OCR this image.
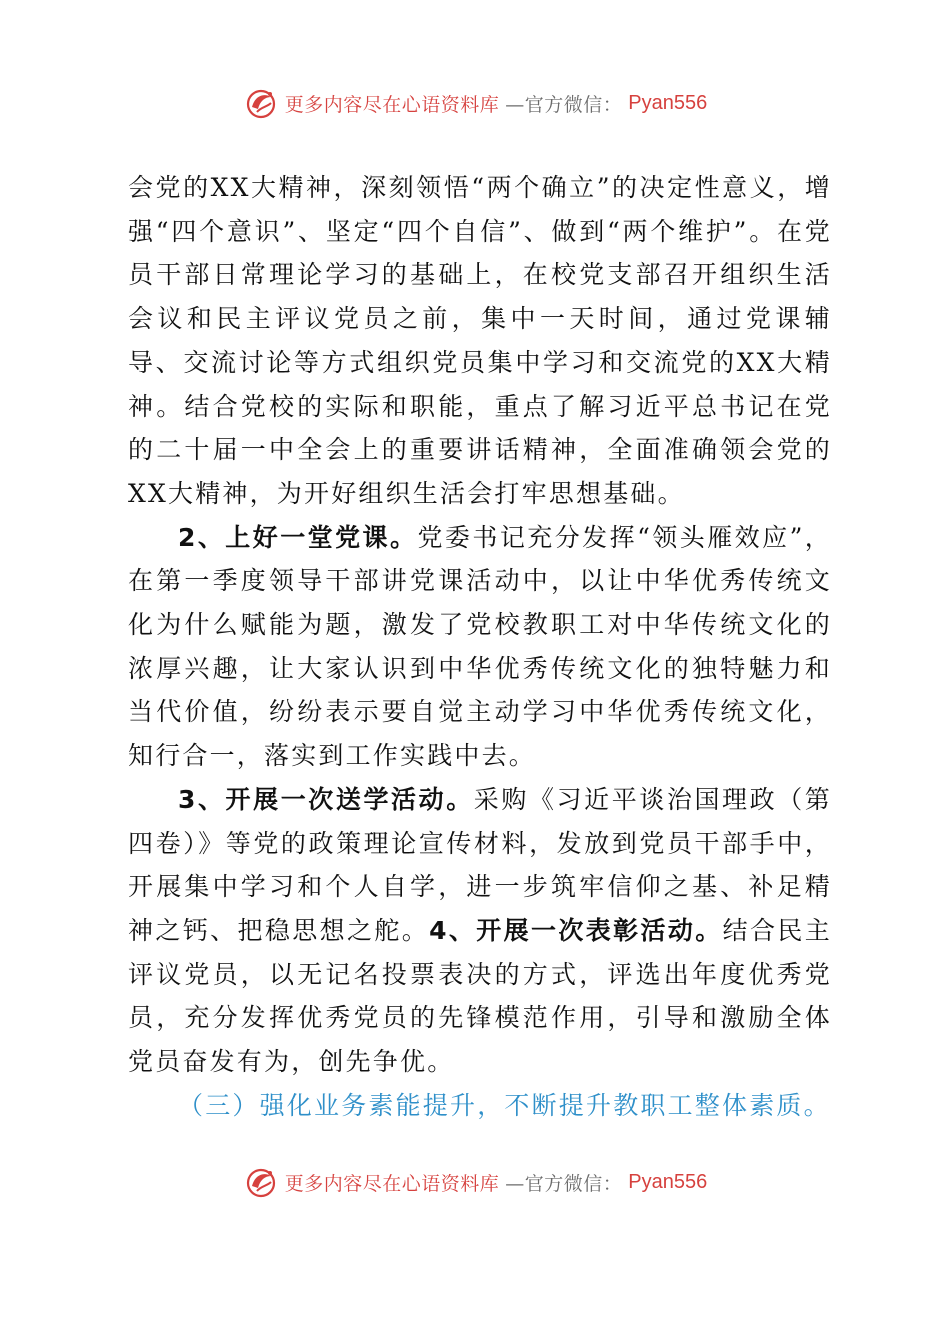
更多内容尽在心语资料库 —官方微信： Pyan556

会党的XX大精神，深刻领悟“两个确立”的决定性意义，增强“四个意识”、坚定“四个自信”、做到“两个维护”。在党员干部日常理论学习的基础上，在校党支部召开组织生活会议和民主评议党员之前，集中一天时间，通过党课辅导、交流讨论等方式组织党员集中学习和交流党的XX大精神。结合党校的实际和职能，重点了解习近平总书记在党的二十届一中全会上的重要讲话精神，全面准确领会党的XX大精神，为开好组织生活会打牢思想基础。

2、上好一堂党课。党委书记充分发挥“领头雁效应”，在第一季度领导干部讲党课活动中，以让中华优秀传统文化为什么赋能为题，激发了党校教职工对中华传统文化的浓厚兴趣，让大家认识到中华优秀传统文化的独特魅力和当代价值，纷纷表示要自觉主动学习中华优秀传统文化，知行合一，落实到工作实践中去。

3、开展一次送学活动。采购《习近平谈治国理政（第四卷）》等党的政策理论宣传材料，发放到党员干部手中，开展集中学习和个人自学，进一步筑牢信仰之基、补足精神之钙、把稳思想之舵。4、开展一次表彰活动。结合民主评议党员，以无记名投票表决的方式，评选出年度优秀党员，充分发挥优秀党员的先锋模范作用，引导和激励全体党员奋发有为，创先争优。

（三）强化业务素能提升，不断提升教职工整体素质。

更多内容尽在心语资料库 —官方微信： Pyan556
